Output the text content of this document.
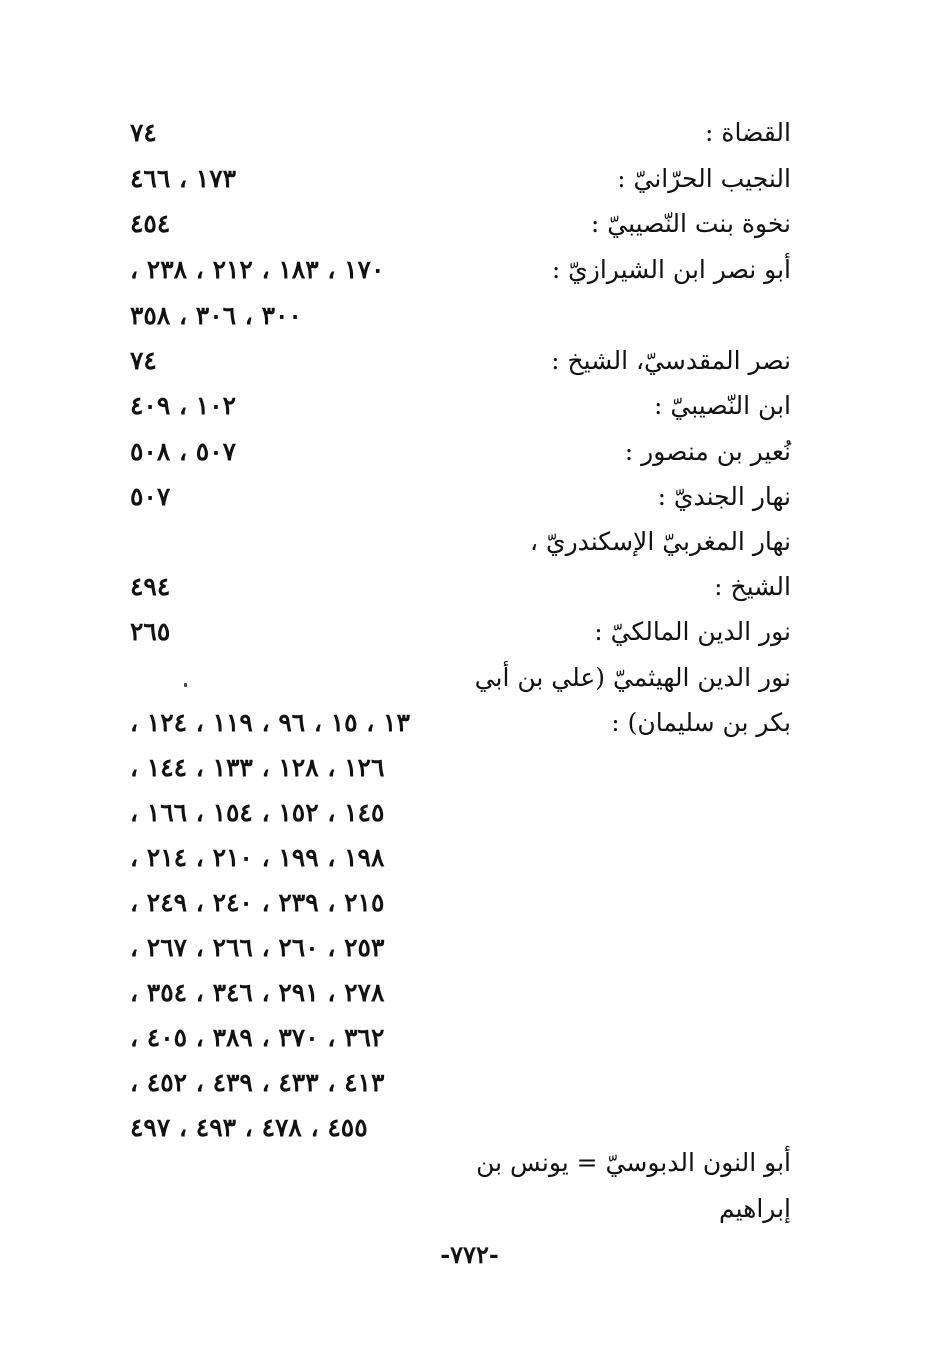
القضاة :
٧٤
النجيب الحرّانيّ :
١٧٣ ، ٤٦٦
نخوة بنت النّصيبيّ :
٤٥٤
أبو نصر ابن الشيرازيّ :
١٧٠ ، ١٨٣ ، ٢١٢ ، ٢٣٨ ،
٣٠٠ ، ٣٠٦ ، ٣٥٨
نصر المقدسيّ، الشيخ :
٧٤
ابن النّصيبيّ :
١٠٢ ، ٤٠٩
نُعير بن منصور :
٥٠٧ ، ٥٠٨
نهار الجنديّ :
٥٠٧
نهار المغربيّ الإسكندريّ ،
الشيخ :
٤٩٤
نور الدين المالكيّ :
٢٦٥
نور الدين الهيثميّ (علي بن أبي
بكر بن سليمان) :
١٣ ، ١٥ ، ٩٦ ، ١١٩ ، ١٢٤ ،
١٢٦ ، ١٢٨ ، ١٣٣ ، ١٤٤ ،
١٤٥ ، ١٥٢ ، ١٥٤ ، ١٦٦ ،
١٩٨ ، ١٩٩ ، ٢١٠ ، ٢١٤ ،
٢١٥ ، ٢٣٩ ، ٢٤٠ ، ٢٤٩ ،
٢٥٣ ، ٢٦٠ ، ٢٦٦ ، ٢٦٧ ،
٢٧٨ ، ٢٩١ ، ٣٤٦ ، ٣٥٤ ،
٣٦٢ ، ٣٧٠ ، ٣٨٩ ، ٤٠٥ ،
٤١٣ ، ٤٣٣ ، ٤٣٩ ، ٤٥٢ ،
٤٥٥ ، ٤٧٨ ، ٤٩٣ ، ٤٩٧
أبو النون الدبوسيّ = يونس بن
إبراهيم
-٧٧٢-
